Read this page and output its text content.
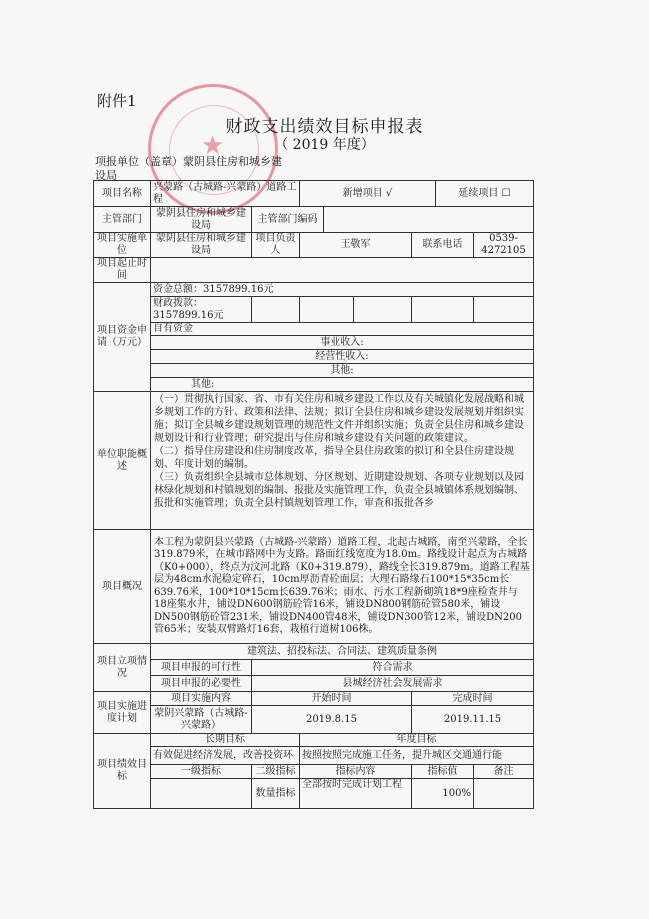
附件1
★
财政支出绩效目标申报表
（ 2019 年度）
项报单位（盖章）蒙阴县住房和城乡建设局
项目名称	兴蒙路（古城路-兴蒙路）道路工程		新增项目 √				延续项目 ☐	
主管部门	蒙阴县住房和城乡建设局	主管部门编码						
项目实施单位	蒙阴县住房和城乡建设局	项目负责人	王敬军			联系电话		0539-4272105
项目起止时间								
项目资金申请（万元）	资金总额：3157899.16元							
	财政拨款：3157899.16元							
	自有资金							
	事业收入:							
	经营性收入:							
	其他:							
	其他:							
单位职能概述	（一）贯彻执行国家、省、市有关住房和城乡建设工作以及有关城镇化发展战略和城乡规划工作的方针、政策和法律、法规；拟订全县住房和城乡建设发展规划并组织实施；拟订全县城乡建设规划管理的规范性文件并组织实施；负责全县住房和城乡建设规划设计和行业管理；研究提出与住房和城乡建设有关问题的政策建议。
（二）指导住房建设和住房制度改革，指导全县住房政策的拟订和全县住房建设规划、年度计划的编制。
（三）负责组织全县城市总体规划、分区规划、近期建设规划、各项专业规划以及园林绿化规划和村镇规划的编制、报批及实施管理工作，负责全县城镇体系规划编制、报批和实施管理；负责全县村镇规划管理工作，审查和报批各乡							

项目概况	本工程为蒙阴县兴蒙路（古城路-兴蒙路）道路工程，北起古城路，南至兴蒙路，全长319.879米，在城市路网中为支路。路面红线宽度为18.0m。路线设计起点为古城路（K0+000），终点为汶河北路（K0+319.879），路线全长319.879m。道路工程基层为48cm水泥稳定碎石，10cm厚沥青砼面层；大理石路缘石100*15*35cm长639.76米，100*10*15cm长639.76米；雨水、污水工程新砌筑18*9座检查井与18座集水井，铺设DN600钢筋砼管16米，铺设DN800钢筋砼管580米，铺设DN500钢筋砼管231米，铺设DN400管48米，铺设DN300管12米，铺设DN200管65米；安装双臂路灯16套，栽植行道树106株。							
项目立项情况	建筑法、招投标法、合同法、建筑质量条例							
	项目申报的可行性	符合需求						
	项目申报的必要性	县城经济社会发展需求						
项目实施进度计划	项目实施内容	开始时间				完成时间		
	蒙阴兴蒙路（古城路-兴蒙路）	2019.8.15				2019.11.15		
项目绩效目标	长期目标		年度目标					
	有效促进经济发展，改善投资环		按照按照完成施工任务，提升城区交通通行能					
	一级指标	二级指标	指标内容			指标值		备注
		数量指标	全部按时完成计划工程			100%		
